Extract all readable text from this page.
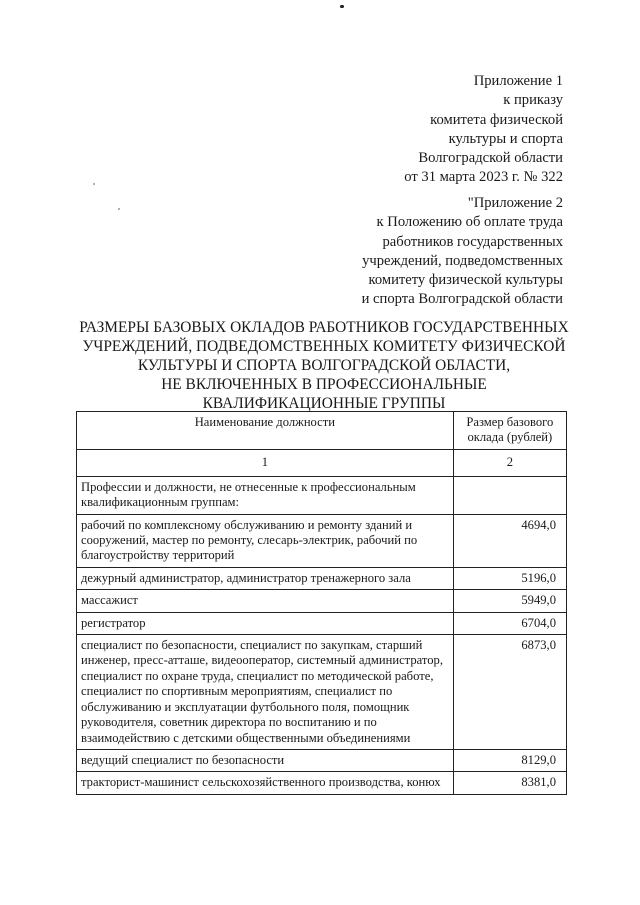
Приложение 1
к приказу
комитета физической
культуры и спорта
Волгоградской области
от 31 марта 2023 г. № 322
"Приложение 2
к Положению об оплате труда
работников государственных
учреждений, подведомственных
комитету физической культуры
и спорта Волгоградской области
РАЗМЕРЫ БАЗОВЫХ ОКЛАДОВ РАБОТНИКОВ ГОСУДАРСТВЕННЫХ
УЧРЕЖДЕНИЙ, ПОДВЕДОМСТВЕННЫХ КОМИТЕТУ ФИЗИЧЕСКОЙ
КУЛЬТУРЫ И СПОРТА ВОЛГОГРАДСКОЙ ОБЛАСТИ,
НЕ ВКЛЮЧЕННЫХ В ПРОФЕССИОНАЛЬНЫЕ
КВАЛИФИКАЦИОННЫЕ ГРУППЫ
Наименование должности	Размер базового оклада (рублей)
1	2
Профессии и должности, не отнесенные к профессиональным квалификационным группам:	
рабочий по комплексному обслуживанию и ремонту зданий и сооружений, мастер по ремонту, слесарь-электрик, рабочий по благоустройству территорий	4694,0
дежурный администратор, администратор тренажерного зала	5196,0
массажист	5949,0
регистратор	6704,0
специалист по безопасности, специалист по закупкам, старший инженер, пресс-атташе, видеооператор, системный администратор, специалист по охране труда, специалист по методической работе, специалист по спортивным мероприятиям, специалист по обслуживанию и эксплуатации футбольного поля, помощник руководителя, советник директора по воспитанию и по взаимодействию с детскими общественными объединениями	6873,0
ведущий специалист по безопасности	8129,0
тракторист-машинист сельскохозяйственного производства, конюх	8381,0
